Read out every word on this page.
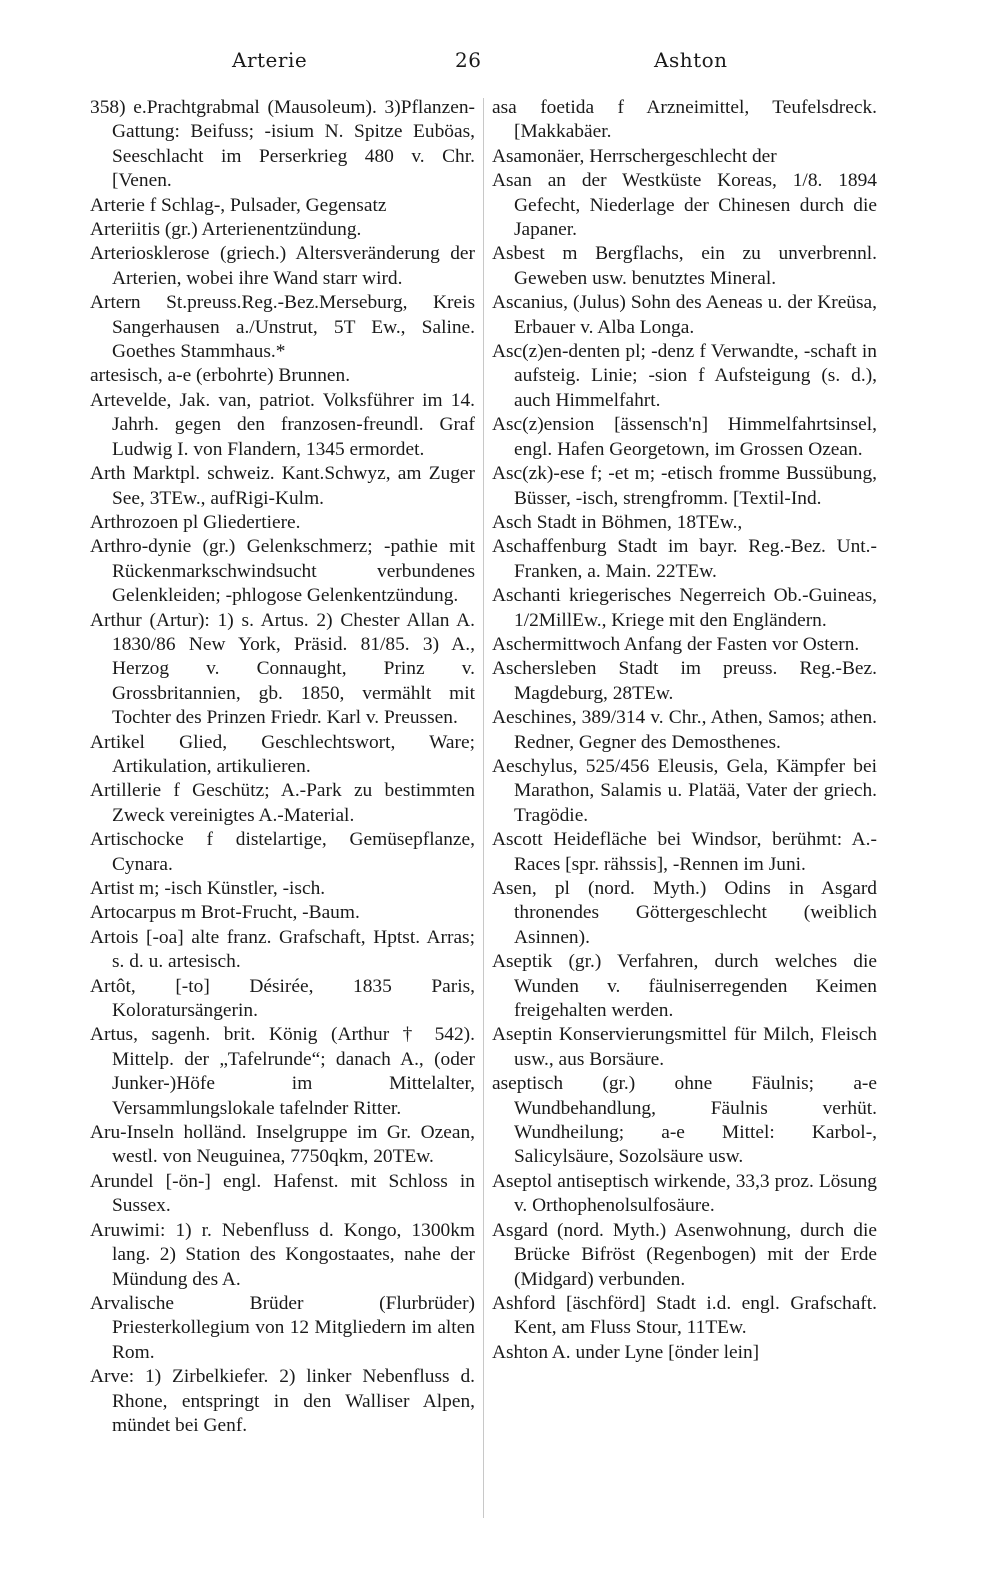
Arterie	26	Ashton

358) e.Prachtgrabmal (Mausoleum). 3)Pflanzen-Gattung: Beifuss; -isium N. Spitze Euböas, Seeschlacht im Perserkrieg 480 v. Chr. [Venen.

Arterie f Schlag-, Pulsader, Gegensatz

Arteriitis (gr.) Arterienentzündung.

Arteriosklerose (griech.) Altersveränderung der Arterien, wobei ihre Wand starr wird.

Artern St.preuss.Reg.-Bez.Merseburg, Kreis Sangerhausen a./Unstrut, 5T Ew., Saline. Goethes Stammhaus.*

artesisch, a-e (erbohrte) Brunnen.

Artevelde, Jak. van, patriot. Volksführer im 14. Jahrh. gegen den franzosen-freundl. Graf Ludwig I. von Flandern, 1345 ermordet.

Arth Marktpl. schweiz. Kant.Schwyz, am Zuger See, 3TEw., aufRigi-Kulm.

Arthrozoen pl Gliedertiere.

Arthro-dynie (gr.) Gelenkschmerz; -pathie mit Rückenmarkschwindsucht verbundenes Gelenkleiden; -phlogose Gelenkentzündung.

Arthur (Artur): 1) s. Artus. 2) Chester Allan A. 1830/86 New York, Präsid. 81/85. 3) A., Herzog v. Connaught, Prinz v. Grossbritannien, gb. 1850, vermählt mit Tochter des Prinzen Friedr. Karl v. Preussen.

Artikel Glied, Geschlechtswort, Ware; Artikulation, artikulieren.

Artillerie f Geschütz; A.-Park zu bestimmten Zweck vereinigtes A.-Material.

Artischocke f distelartige, Gemüsepflanze, Cynara.

Artist m; -isch Künstler, -isch.

Artocarpus m Brot-Frucht, -Baum.

Artois [-oa] alte franz. Grafschaft, Hptst. Arras; s. d. u. artesisch.

Artôt, [-to] Désirée, 1835 Paris, Koloratursängerin.

Artus, sagenh. brit. König (Arthur † 542). Mittelp. der „Tafelrunde“; danach A., (oder Junker-)Höfe im Mittelalter, Versammlungslokale tafelnder Ritter.

Aru-Inseln holländ. Inselgruppe im Gr. Ozean, westl. von Neuguinea, 7750qkm, 20TEw.

Arundel [-ön-] engl. Hafenst. mit Schloss in Sussex.

Aruwimi: 1) r. Nebenfluss d. Kongo, 1300km lang. 2) Station des Kongostaates, nahe der Mündung des A.

Arvalische Brüder (Flurbrüder) Priesterkollegium von 12 Mitgliedern im alten Rom.

Arve: 1) Zirbelkiefer. 2) linker Nebenfluss d. Rhone, entspringt in den Walliser Alpen, mündet bei Genf.

asa foetida f Arzneimittel, Teufelsdreck. [Makkabäer.

Asamonäer, Herrschergeschlecht der

Asan an der Westküste Koreas, 1/8. 1894 Gefecht, Niederlage der Chinesen durch die Japaner.

Asbest m Bergflachs, ein zu unverbrennl. Geweben usw. benutztes Mineral.

Ascanius, (Julus) Sohn des Aeneas u. der Kreüsa, Erbauer v. Alba Longa.

Asc(z)en-denten pl; -denz f Verwandte, -schaft in aufsteig. Linie; -sion f Aufsteigung (s. d.), auch Himmelfahrt.

Asc(z)ension [ässensch'n] Himmelfahrtsinsel, engl. Hafen Georgetown, im Grossen Ozean.

Asc(zk)-ese f; -et m; -etisch fromme Bussübung, Büsser, -isch, strengfromm. [Textil-Ind.

Asch Stadt in Böhmen, 18TEw.,

Aschaffenburg Stadt im bayr. Reg.-Bez. Unt.-Franken, a. Main. 22TEw.

Aschanti kriegerisches Negerreich Ob.-Guineas, 1/2MillEw., Kriege mit den Engländern.

Aschermittwoch Anfang der Fasten vor Ostern.

Aschersleben Stadt im preuss. Reg.-Bez. Magdeburg, 28TEw.

Aeschines, 389/314 v. Chr., Athen, Samos; athen. Redner, Gegner des Demosthenes.

Aeschylus, 525/456 Eleusis, Gela, Kämpfer bei Marathon, Salamis u. Platää, Vater der griech. Tragödie.

Ascott Heidefläche bei Windsor, berühmt: A.-Races [spr. rähssis], -Rennen im Juni.

Asen, pl (nord. Myth.) Odins in Asgard thronendes Göttergeschlecht (weiblich Asinnen).

Aseptik (gr.) Verfahren, durch welches die Wunden v. fäulniserregenden Keimen freigehalten werden.

Aseptin Konservierungsmittel für Milch, Fleisch usw., aus Borsäure.

aseptisch (gr.) ohne Fäulnis; a-e Wundbehandlung, Fäulnis verhüt. Wundheilung; a-e Mittel: Karbol-, Salicylsäure, Sozolsäure usw.

Aseptol antiseptisch wirkende, 33,3 proz. Lösung v. Orthophenolsulfosäure.

Asgard (nord. Myth.) Asenwohnung, durch die Brücke Bifröst (Regenbogen) mit der Erde (Midgard) verbunden.

Ashford [äschförd] Stadt i.d. engl. Grafschaft. Kent, am Fluss Stour, 11TEw.

Ashton A. under Lyne [önder lein]
